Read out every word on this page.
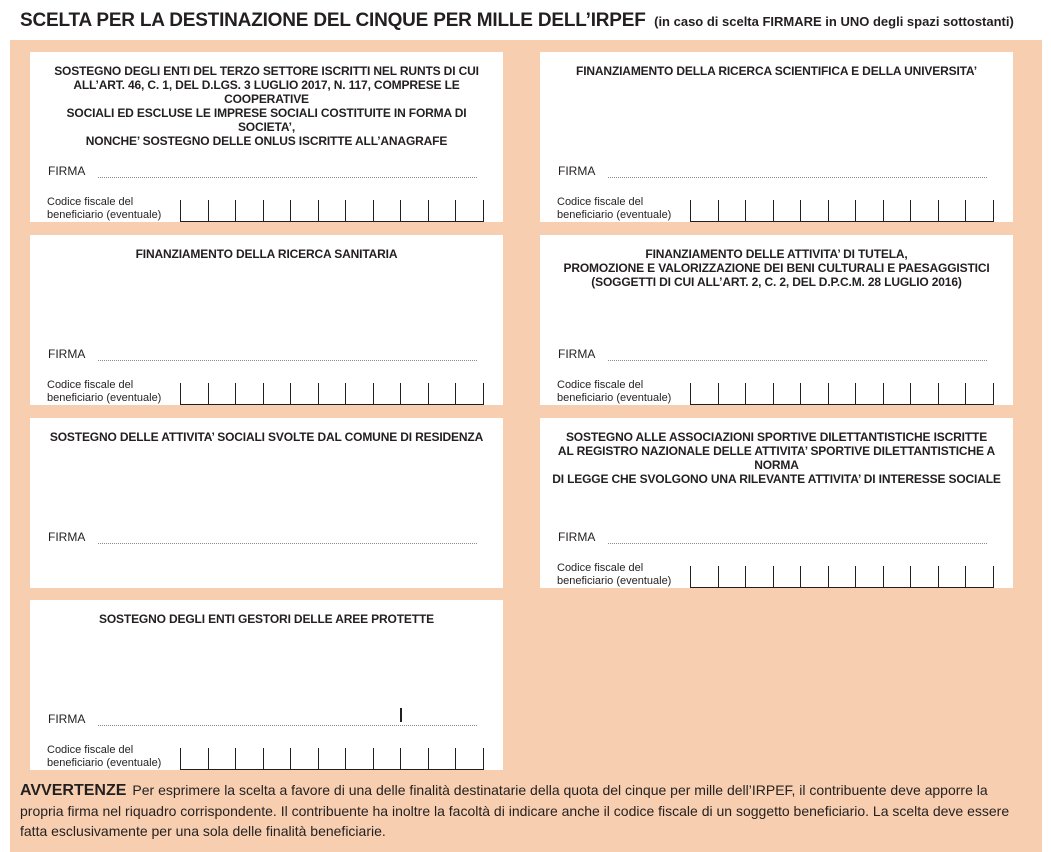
SCELTA PER LA DESTINAZIONE DEL CINQUE PER MILLE DELL’IRPEF (in caso di scelta FIRMARE in UNO degli spazi sottostanti)
SOSTEGNO DEGLI ENTI DEL TERZO SETTORE ISCRITTI NEL RUNTS DI CUI
ALL’ART. 46, C. 1, DEL D.LGS. 3 LUGLIO 2017, N. 117, COMPRESE LE COOPERATIVE
SOCIALI ED ESCLUSE LE IMPRESE SOCIALI COSTITUITE IN FORMA DI SOCIETA’,
NONCHE’ SOSTEGNO DELLE ONLUS ISCRITTE ALL’ANAGRAFE
FIRMA
Codice fiscale del
beneficiario (eventuale)
FINANZIAMENTO DELLA RICERCA SCIENTIFICA E DELLA UNIVERSITA’
FIRMA
Codice fiscale del
beneficiario (eventuale)
FINANZIAMENTO DELLA RICERCA SANITARIA
FIRMA
Codice fiscale del
beneficiario (eventuale)
FINANZIAMENTO DELLE ATTIVITA’ DI TUTELA,
PROMOZIONE E VALORIZZAZIONE DEI BENI CULTURALI E PAESAGGISTICI
(SOGGETTI DI CUI ALL’ART. 2, C. 2, DEL D.P.C.M. 28 LUGLIO 2016)
FIRMA
Codice fiscale del
beneficiario (eventuale)
SOSTEGNO DELLE ATTIVITA’ SOCIALI SVOLTE DAL COMUNE DI RESIDENZA
FIRMA
SOSTEGNO ALLE ASSOCIAZIONI SPORTIVE DILETTANTISTICHE ISCRITTE
AL REGISTRO NAZIONALE DELLE ATTIVITA’ SPORTIVE DILETTANTISTICHE A NORMA
DI LEGGE CHE SVOLGONO UNA RILEVANTE ATTIVITA’ DI INTERESSE SOCIALE
FIRMA
Codice fiscale del
beneficiario (eventuale)
SOSTEGNO DEGLI ENTI GESTORI DELLE AREE PROTETTE
FIRMA
Codice fiscale del
beneficiario (eventuale)
AVVERTENZE Per esprimere la scelta a favore di una delle finalità destinatarie della quota del cinque per mille dell’IRPEF, il contribuente deve apporre la propria firma nel riquadro corrispondente. Il contribuente ha inoltre la facoltà di indicare anche il codice fiscale di un soggetto beneficiario. La scelta deve essere fatta esclusivamente per una sola delle finalità beneficiarie.
